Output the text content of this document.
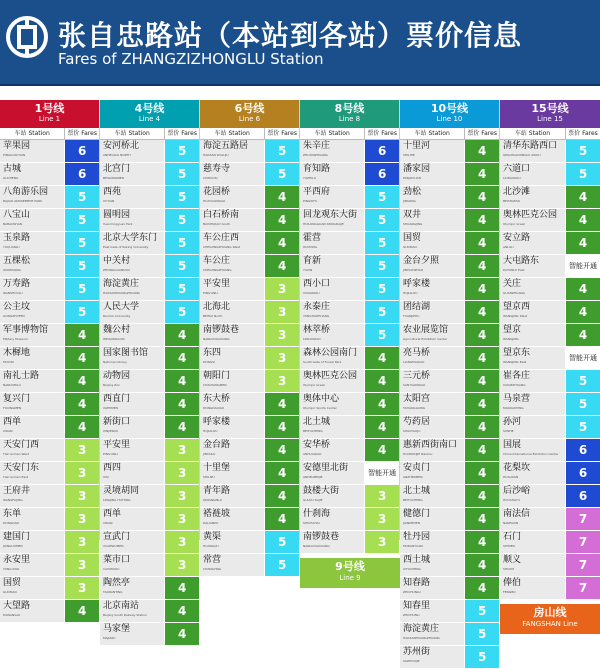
张自忠路站（本站到各站）票价信息
Fares of ZHANGZIZHONGLU Station
1号线
Line 1
车站 Station	票价 Fares
苹果园
PINGGUOYUAN	6
古城
GUCHENG	6
八角游乐园
BAJIAO AMUSEMENT PARK	5
八宝山
BABAOSHAN	5
玉泉路
YUQUANLU	5
五棵松
WUKESONG	5
万寿路
WANSHOULU	5
公主坟
GONGZHUFEN	5
军事博物馆
Military Museum	4
木樨地
MUXIDI	4
南礼士路
NANLISHILU	4
复兴门
FUXINGMEN	4
西单
XIDAN	4
天安门西
Tian'anmen West	3
天安门东
Tian'anmen East	3
王府井
WANGFUJING	3
东单
DONGDAN	3
建国门
JIANGUOMEN	3
永安里
YONG'ANLI	3
国贸
GUOMAO	3
大望路
DAWANGLU	4
4号线
Line 4
车站 Station	票价 Fares
安河桥北
ANHEQIAO NORTH	5
北宫门
BEIGONGMEN	5
西苑
XIYUAN	5
圆明园
Yuanmingyuan Park	5
北京大学东门
East Gate of Peking University	5
中关村
ZHONGGUANCUN	5
海淀黄庄
HAIDIANHUANGZHUANG	5
人民大学
Renmin University	5
魏公村
WEIGONGCUN	4
国家图书馆
National Library	4
动物园
Beijing Zoo	4
西直门
XIZHIMEN	4
新街口
XINJIEKOU	4
平安里
PING'ANLI	3
西四
XISI	3
灵境胡同
LINGJING HUTONG	3
西单
XIDAN	3
宣武门
XUANWUMEN	3
菜市口
CAISHIKOU	3
陶然亭
TAORANTING	4
北京南站
Beijing South Railway Station	4
马家堡
MAJIAPU	4
6号线
Line 6
车站 Station	票价 Fares
海淀五路居
HAIDIAN WULUJU	5
慈寿寺
CISHOUSI	5
花园桥
HUAYUANQIAO	4
白石桥南
BAISHIQIAO South	4
车公庄西
CHEGONGZHUANG West	4
车公庄
CHEGONGZHUANG	4
平安里
PING'ANLI	3
北海北
BEIHAI North	3
南锣鼓巷
NANLUOGUXIANG	3
东四
DONGSI	3
朝阳门
CHAOYANGMEN	3
东大桥
DONGDAQIAO	4
呼家楼
HUJIALOU	4
金台路
JINTAILU	4
十里堡
SHILIPU	4
青年路
QINGNIANLU	4
褡裢坡
DALIANPO	4
黄渠
HUANGQU	5
常营
CHANGYING	5
8号线
Line 8
车站 Station	票价 Fares
朱辛庄
ZHUXINZHUANG	6
育知路
YUZHILU	6
平西府
PINGXIFU	5
回龙观东大街
HUILONGGUAN DONGDAJIE	5
霍营
HUOYING	5
育新
YUXIN	5
西小口
XIXIAOKOU	5
永泰庄
YONGTAIZHUANG	5
林萃桥
LINCUIQIAO	5
森林公园南门
South Gate of Forest Park	4
奥林匹克公园
Olympic Green	4
奥体中心
Olympic Sports Center	4
北土城
BEITUCHENG	4
安华桥
ANHUAQIAO	4
安德里北街
ANDELIBEIJIE	智能开通
鼓楼大街
GULOU DAJIE	3
什刹海
SHICHAHAI	3
南锣鼓巷
NANLUOGUXIANG	3
9号线
Line 9
10号线
Line 10
车站 Station	票价 Fares
十里河
SHILIHE	4
潘家园
PANJIAYUAN	4
劲松
JINSONG	4
双井
SHUANGJING	4
国贸
GUOMAO	4
金台夕照
JINTAIXIZHAO	4
呼家楼
HUJIALOU	4
团结湖
TUANJIEHU	4
农业展览馆
Agricultural Exhibition Center	4
亮马桥
LIANGMAQIAO	4
三元桥
SANYUANQIAO	4
太阳宫
TAIYANGGONG	4
芍药居
SHAOYAOJU	4
惠新西街南口
HUIXINXIJIE Nankou	4
安贞门
ANZHENMEN	4
北土城
BEITUCHENG	4
健德门
JIANDEMEN	4
牡丹园
MUDANYUAN	4
西土城
XITUCHENG	4
知春路
ZHICHUNLU	4
知春里
ZHICHUNLI	5
海淀黄庄
HAIDIANHUANGZHUANG	5
苏州街
SUZHOUJIE	5
15号线
Line 15
车站 Station	票价 Fares
清华东路西口
QINGHUADONGLU XIKOU	5
六道口
LIUDAOKOU	5
北沙滩
BEISHATAN	4
奥林匹克公园
Olympic Green	4
安立路
ANLILU	4
大屯路东
DATUNLU East	智能开通
关庄
GUANZHUANG	4
望京西
WANGJING West	4
望京
WANGJING	4
望京东
WANGJING East	智能开通
崔各庄
CUIGEZHUANG	5
马泉营
MAQUANYING	5
孙河
SUNHE	5
国展
China International Exhibition Center	6
花梨坎
HUALIKAN	6
后沙峪
HOUSHAYU	6
南法信
NANFAXIN	7
石门
SHIMEN	7
顺义
SHUNYI	7
俸伯
FENGBO	7
房山线
FANGSHAN Line
